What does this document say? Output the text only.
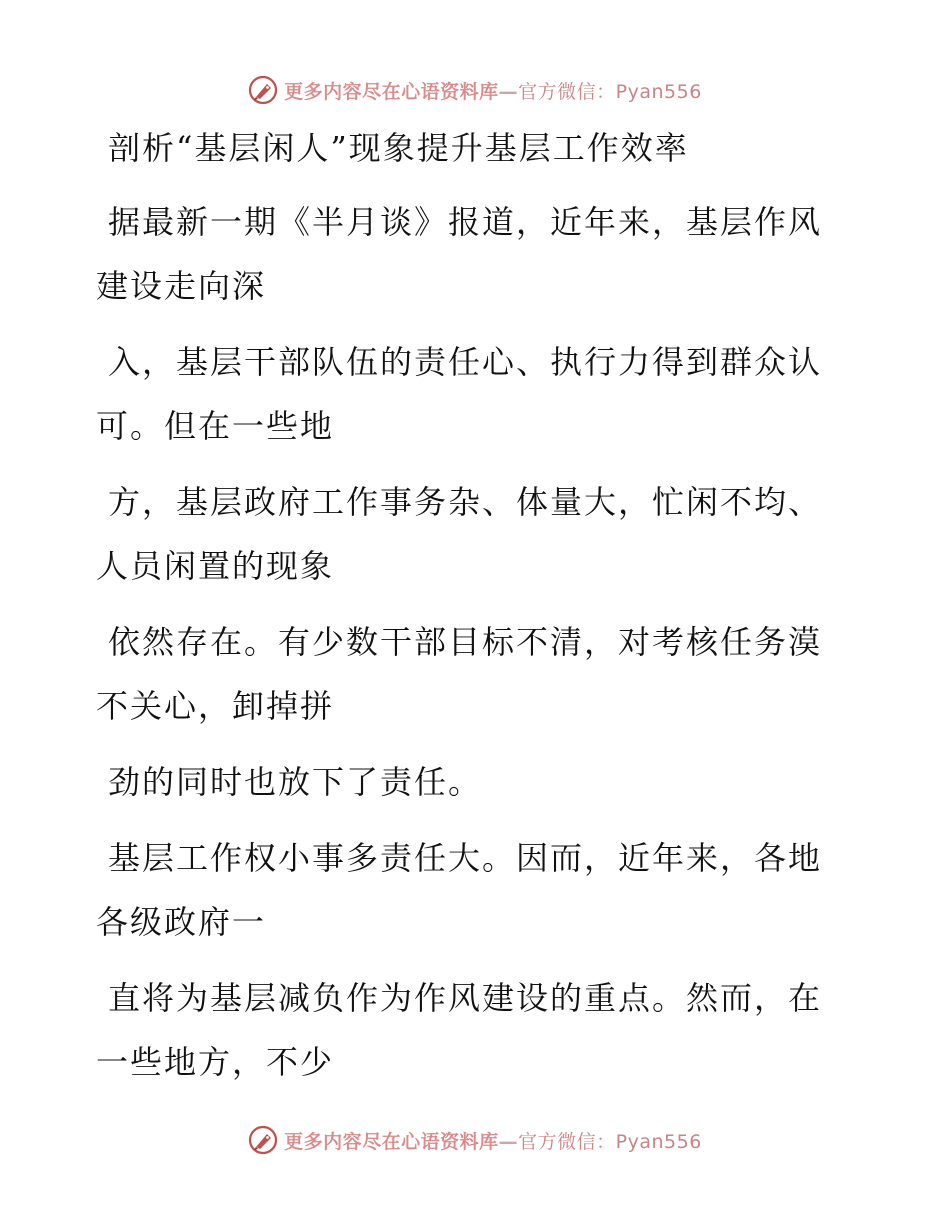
更多内容尽在心语资料库—官方微信：Pyan556
剖析“基层闲人”现象提升基层工作效率

据最新一期《半月谈》报道，近年来，基层作风
建设走向深

入，基层干部队伍的责任心、执行力得到群众认
可。但在一些地

方，基层政府工作事务杂、体量大，忙闲不均、
人员闲置的现象

依然存在。有少数干部目标不清，对考核任务漠
不关心，卸掉拼

劲的同时也放下了责任。

基层工作权小事多责任大。因而，近年来，各地
各级政府一

直将为基层减负作为作风建设的重点。然而，在
一些地方，不少

更多内容尽在心语资料库—官方微信：Pyan556
